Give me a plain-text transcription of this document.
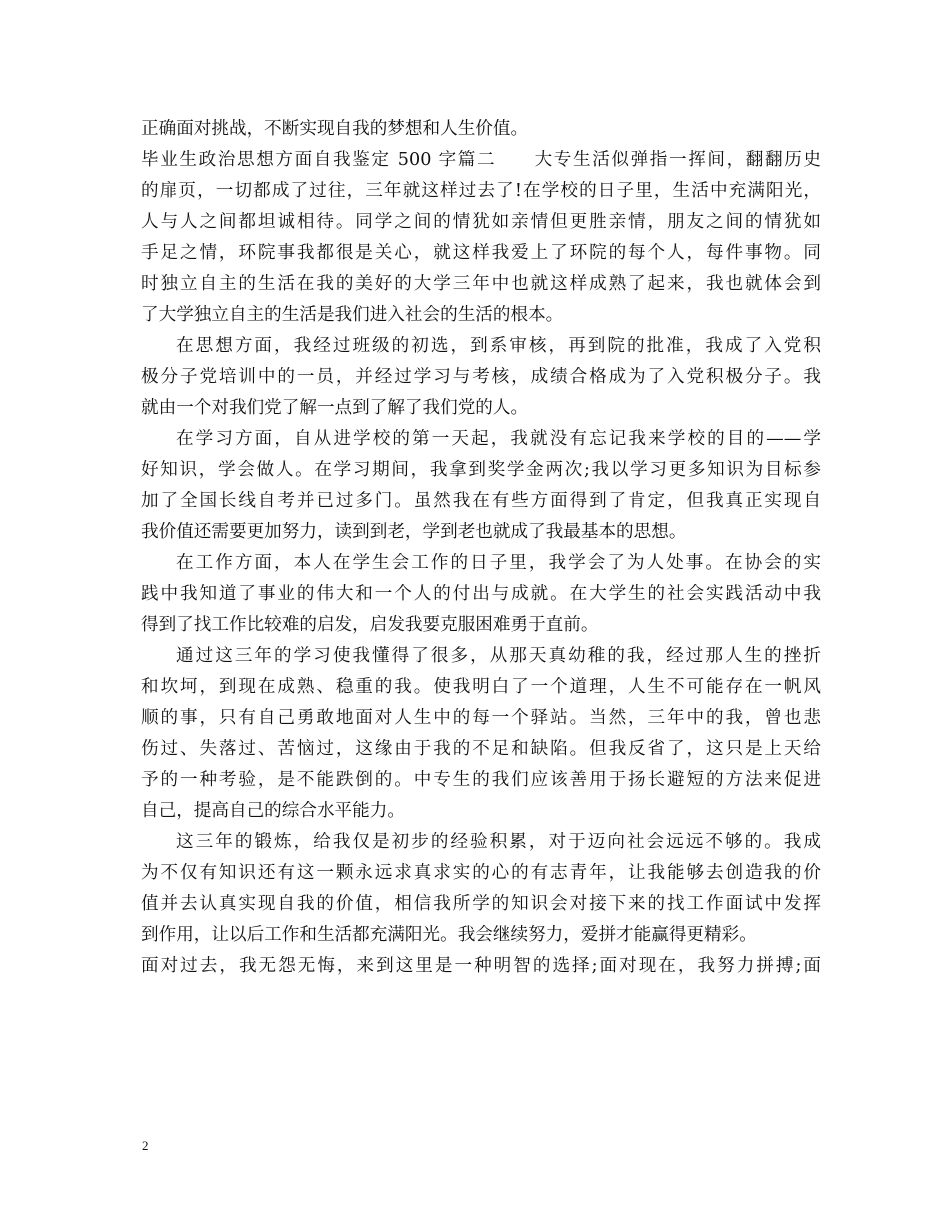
正确面对挑战，不断实现自我的梦想和人生价值。
毕业生政治思想方面自我鉴定 500 字篇二　　大专生活似弹指一挥间，翻翻历史
的扉页，一切都成了过往，三年就这样过去了!在学校的日子里，生活中充满阳光，
人与人之间都坦诚相待。同学之间的情犹如亲情但更胜亲情，朋友之间的情犹如
手足之情，环院事我都很是关心，就这样我爱上了环院的每个人，每件事物。同
时独立自主的生活在我的美好的大学三年中也就这样成熟了起来，我也就体会到
了大学独立自主的生活是我们进入社会的生活的根本。
在思想方面，我经过班级的初选，到系审核，再到院的批准，我成了入党积
极分子党培训中的一员，并经过学习与考核，成绩合格成为了入党积极分子。我
就由一个对我们党了解一点到了解了我们党的人。
在学习方面，自从进学校的第一天起，我就没有忘记我来学校的目的——学
好知识，学会做人。在学习期间，我拿到奖学金两次;我以学习更多知识为目标参
加了全国长线自考并已过多门。虽然我在有些方面得到了肯定，但我真正实现自
我价值还需要更加努力，读到到老，学到老也就成了我最基本的思想。
在工作方面，本人在学生会工作的日子里，我学会了为人处事。在协会的实
践中我知道了事业的伟大和一个人的付出与成就。在大学生的社会实践活动中我
得到了找工作比较难的启发，启发我要克服困难勇于直前。
通过这三年的学习使我懂得了很多，从那天真幼稚的我，经过那人生的挫折
和坎坷，到现在成熟、稳重的我。使我明白了一个道理，人生不可能存在一帆风
顺的事，只有自己勇敢地面对人生中的每一个驿站。当然，三年中的我，曾也悲
伤过、失落过、苦恼过，这缘由于我的不足和缺陷。但我反省了，这只是上天给
予的一种考验，是不能跌倒的。中专生的我们应该善用于扬长避短的方法来促进
自己，提高自己的综合水平能力。
这三年的锻炼，给我仅是初步的经验积累，对于迈向社会远远不够的。我成
为不仅有知识还有这一颗永远求真求实的心的有志青年，让我能够去创造我的价
值并去认真实现自我的价值，相信我所学的知识会对接下来的找工作面试中发挥
到作用，让以后工作和生活都充满阳光。我会继续努力，爱拼才能赢得更精彩。
面对过去，我无怨无悔，来到这里是一种明智的选择;面对现在，我努力拼搏;面
2
